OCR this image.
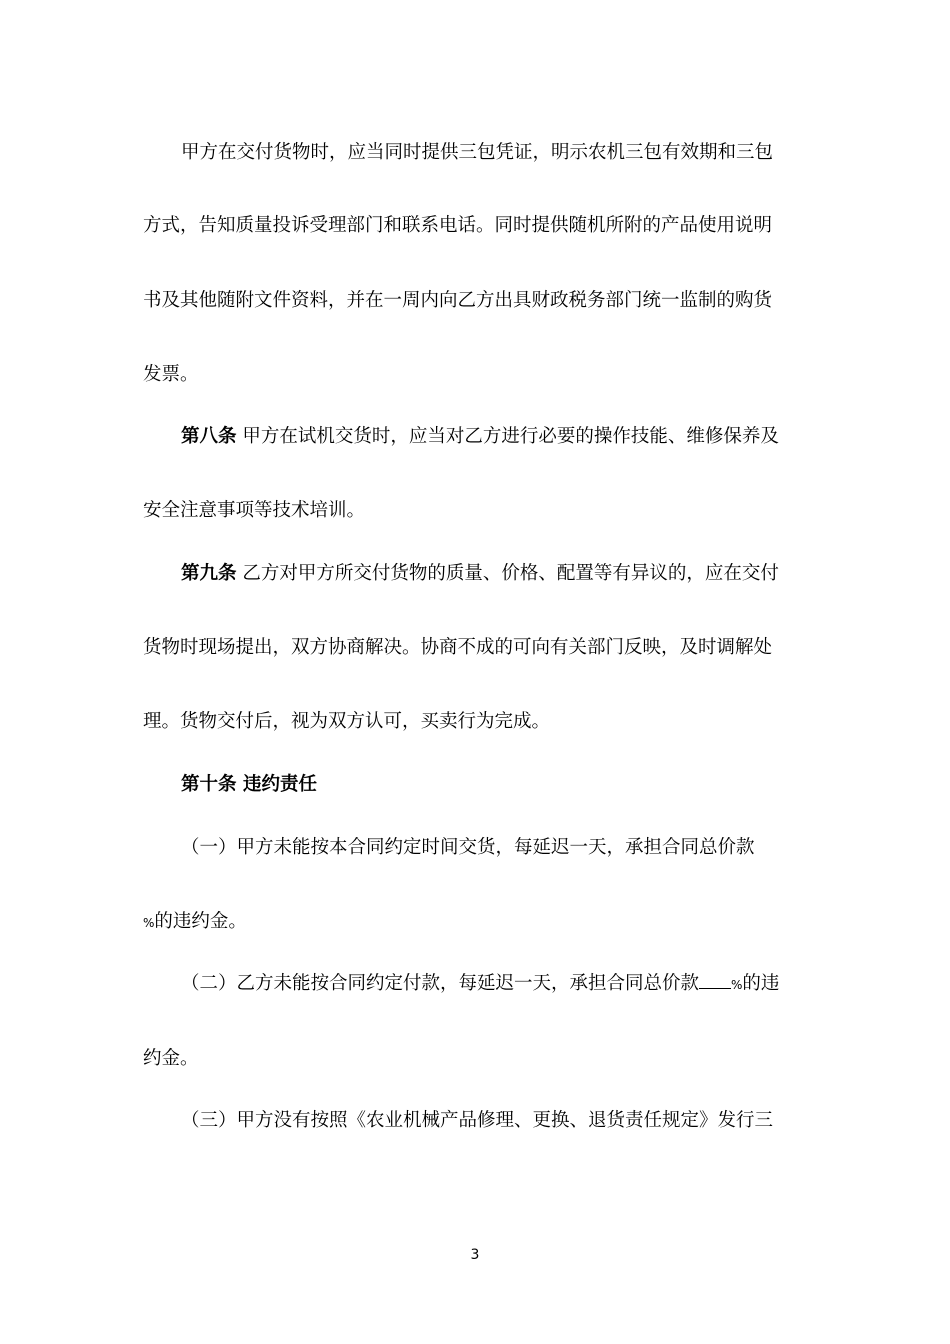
甲方在交付货物时，应当同时提供三包凭证，明示农机三包有效期和三包
方式，告知质量投诉受理部门和联系电话。同时提供随机所附的产品使用说明
书及其他随附文件资料，并在一周内向乙方出具财政税务部门统一监制的购货
发票。
第八条 甲方在试机交货时，应当对乙方进行必要的操作技能、维修保养及
安全注意事项等技术培训。
第九条 乙方对甲方所交付货物的质量、价格、配置等有异议的，应在交付
货物时现场提出，双方协商解决。协商不成的可向有关部门反映，及时调解处
理。货物交付后，视为双方认可，买卖行为完成。
第十条 违约责任
（一）甲方未能按本合同约定时间交货，每延迟一天，承担合同总价款
%的违约金。
（二）乙方未能按合同约定付款，每延迟一天，承担合同总价款	%的违
约金。
（三）甲方没有按照《农业机械产品修理、更换、退货责任规定》发行三
3
